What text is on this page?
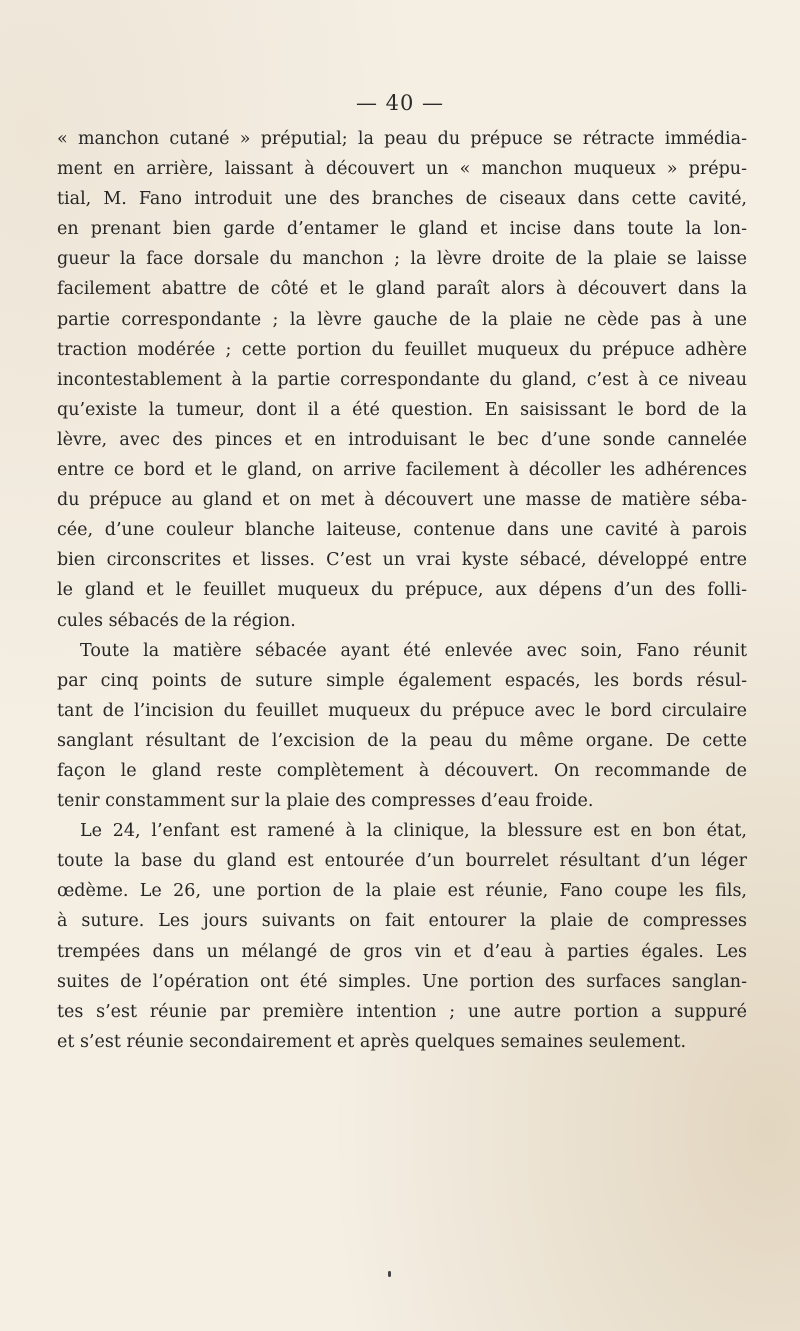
— 40 —
« manchon cutané » préputial; la peau du prépuce se rétracte immédia-
ment en arrière, laissant à découvert un « manchon muqueux » prépu-
tial, M. Fano introduit une des branches de ciseaux dans cette cavité,
en prenant bien garde d’entamer le gland et incise dans toute la lon-
gueur la face dorsale du manchon ; la lèvre droite de la plaie se laisse
facilement abattre de côté et le gland paraît alors à découvert dans la
partie correspondante ; la lèvre gauche de la plaie ne cède pas à une
traction modérée ; cette portion du feuillet muqueux du prépuce adhère
incontestablement à la partie correspondante du gland, c’est à ce niveau
qu’existe la tumeur, dont il a été question. En saisissant le bord de la
lèvre, avec des pinces et en introduisant le bec d’une sonde cannelée
entre ce bord et le gland, on arrive facilement à décoller les adhérences
du prépuce au gland et on met à découvert une masse de matière séba-
cée, d’une couleur blanche laiteuse, contenue dans une cavité à parois
bien circonscrites et lisses. C’est un vrai kyste sébacé, développé entre
le gland et le feuillet muqueux du prépuce, aux dépens d’un des folli-
cules sébacés de la région.
Toute la matière sébacée ayant été enlevée avec soin, Fano réunit
par cinq points de suture simple également espacés, les bords résul-
tant de l’incision du feuillet muqueux du prépuce avec le bord circulaire
sanglant résultant de l’excision de la peau du même organe. De cette
façon le gland reste complètement à découvert. On recommande de
tenir constamment sur la plaie des compresses d’eau froide.
Le 24, l’enfant est ramené à la clinique, la blessure est en bon état,
toute la base du gland est entourée d’un bourrelet résultant d’un léger
œdème. Le 26, une portion de la plaie est réunie, Fano coupe les fils,
à suture. Les jours suivants on fait entourer la plaie de compresses
trempées dans un mélangé de gros vin et d’eau à parties égales. Les
suites de l’opération ont été simples. Une portion des surfaces sanglan-
tes s’est réunie par première intention ; une autre portion a suppuré
et s’est réunie secondairement et après quelques semaines seulement.
